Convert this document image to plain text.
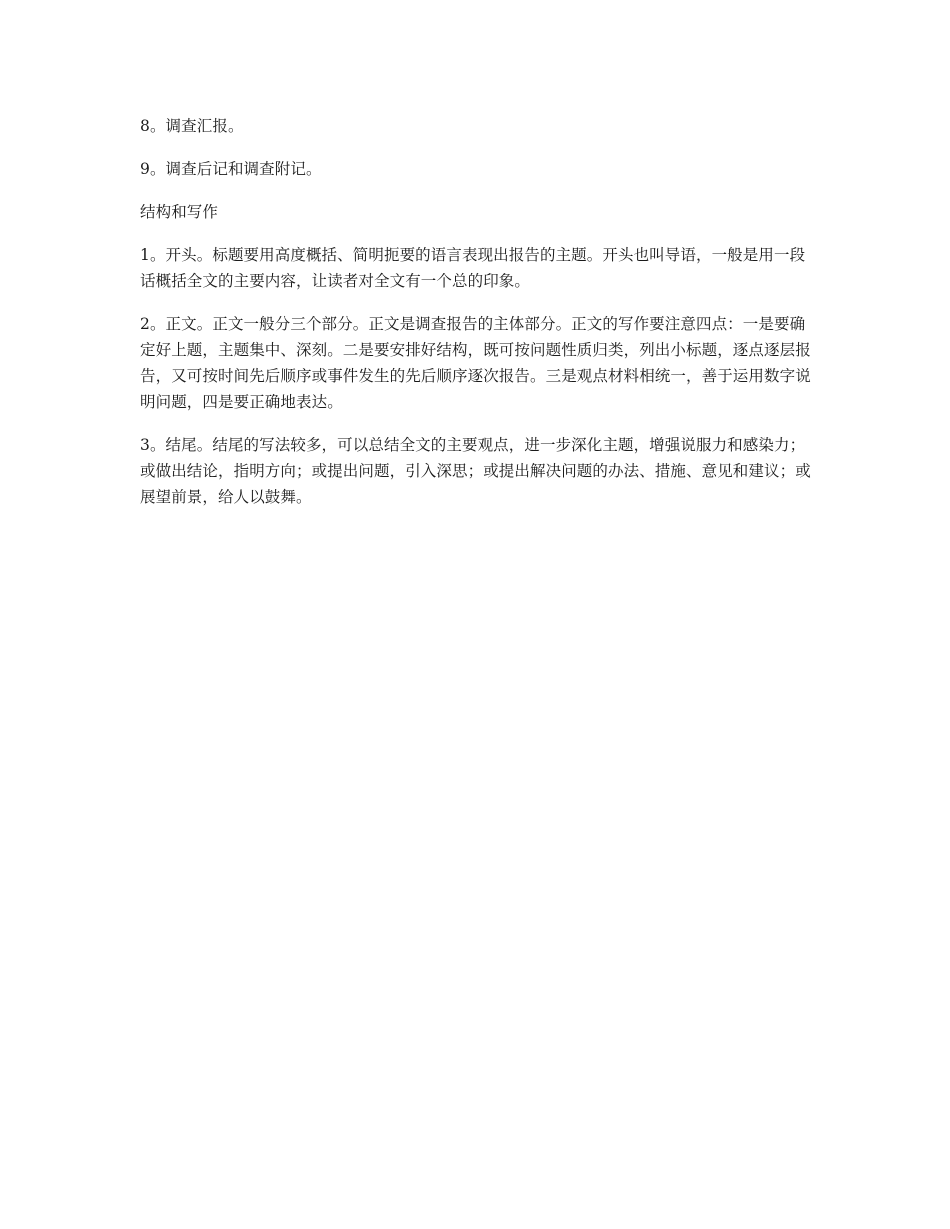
8。调查汇报。

9。调查后记和调查附记。

结构和写作

1。开头。标题要用高度概括、简明扼要的语言表现出报告的主题。开头也叫导语，一般是用一段话概括全文的主要内容，让读者对全文有一个总的印象。

2。正文。正文一般分三个部分。正文是调查报告的主体部分。正文的写作要注意四点：一是要确定好上题，主题集中、深刻。二是要安排好结构，既可按问题性质归类，列出小标题，逐点逐层报告，又可按时间先后顺序或事件发生的先后顺序逐次报告。三是观点材料相统一，善于运用数字说明问题，四是要正确地表达。

3。结尾。结尾的写法较多，可以总结全文的主要观点，进一步深化主题，增强说服力和感染力；或做出结论，指明方向；或提出问题，引入深思；或提出解决问题的办法、措施、意见和建议；或展望前景，给人以鼓舞。
